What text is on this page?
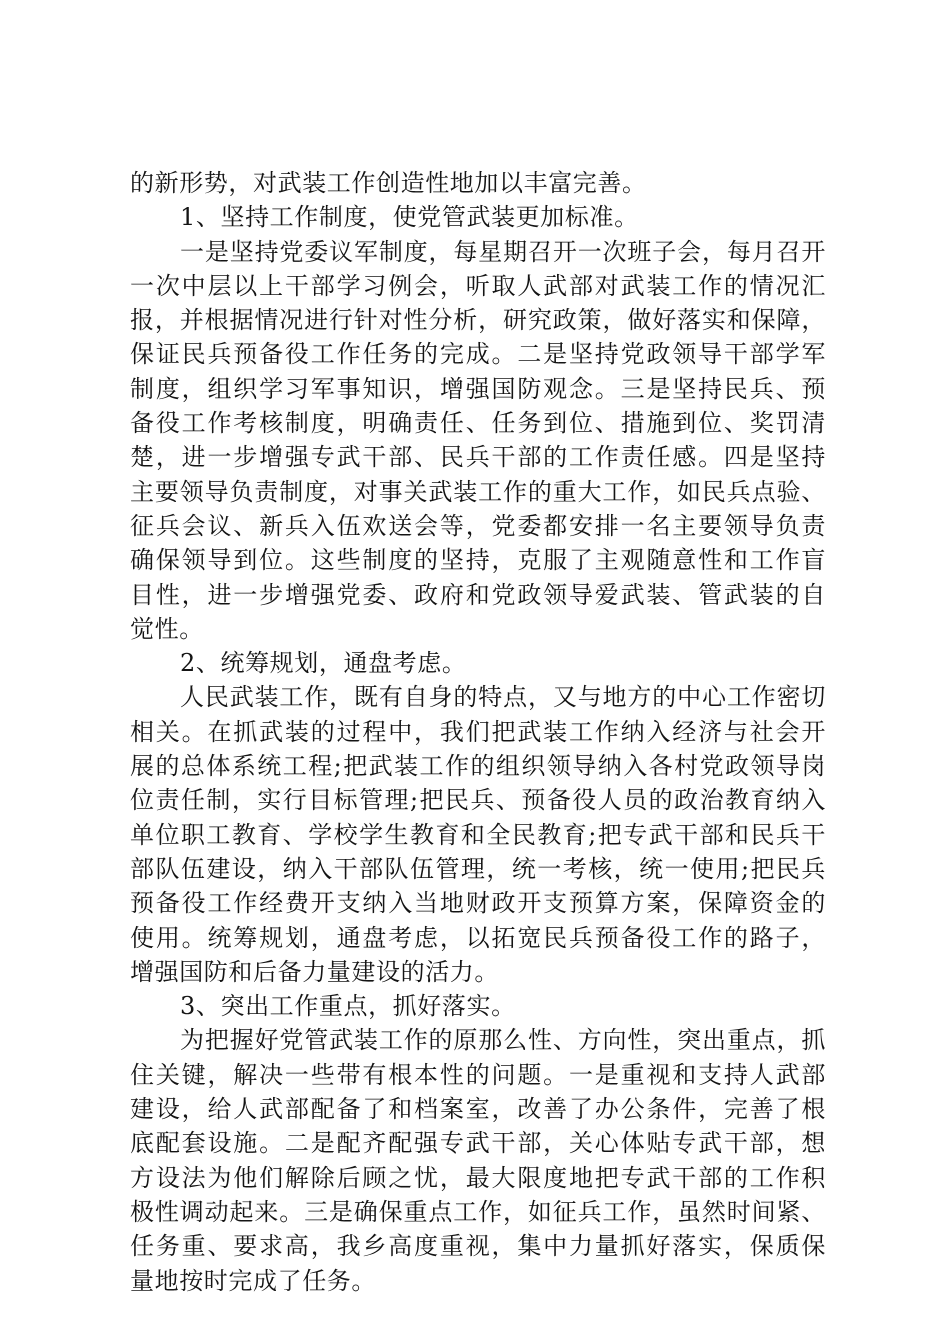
的新形势，对武装工作创造性地加以丰富完善。
1、坚持工作制度，使党管武装更加标准。
一是坚持党委议军制度，每星期召开一次班子会，每月召开
一次中层以上干部学习例会，听取人武部对武装工作的情况汇
报，并根据情况进行针对性分析，研究政策，做好落实和保障，
保证民兵预备役工作任务的完成。二是坚持党政领导干部学军
制度，组织学习军事知识，增强国防观念。三是坚持民兵、预
备役工作考核制度，明确责任、任务到位、措施到位、奖罚清
楚，进一步增强专武干部、民兵干部的工作责任感。四是坚持
主要领导负责制度，对事关武装工作的重大工作，如民兵点验、
征兵会议、新兵入伍欢送会等，党委都安排一名主要领导负责
确保领导到位。这些制度的坚持，克服了主观随意性和工作盲
目性，进一步增强党委、政府和党政领导爱武装、管武装的自
觉性。
2、统筹规划，通盘考虑。
人民武装工作，既有自身的特点，又与地方的中心工作密切
相关。在抓武装的过程中，我们把武装工作纳入经济与社会开
展的总体系统工程;把武装工作的组织领导纳入各村党政领导岗
位责任制，实行目标管理;把民兵、预备役人员的政治教育纳入
单位职工教育、学校学生教育和全民教育;把专武干部和民兵干
部队伍建设，纳入干部队伍管理，统一考核，统一使用;把民兵
预备役工作经费开支纳入当地财政开支预算方案，保障资金的
使用。统筹规划，通盘考虑，以拓宽民兵预备役工作的路子，
增强国防和后备力量建设的活力。
3、突出工作重点，抓好落实。
为把握好党管武装工作的原那么性、方向性，突出重点，抓
住关键，解决一些带有根本性的问题。一是重视和支持人武部
建设，给人武部配备了和档案室，改善了办公条件，完善了根
底配套设施。二是配齐配强专武干部，关心体贴专武干部，想
方设法为他们解除后顾之忧，最大限度地把专武干部的工作积
极性调动起来。三是确保重点工作，如征兵工作，虽然时间紧、
任务重、要求高，我乡高度重视，集中力量抓好落实，保质保
量地按时完成了任务。
